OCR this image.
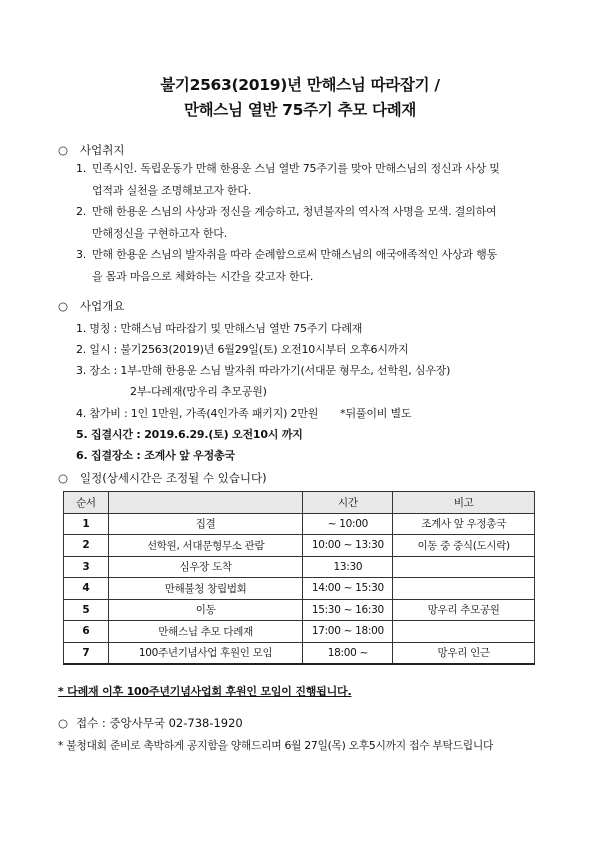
불기2563(2019)년 만해스님 따라잡기 /
만해스님 열반 75주기 추모 다례재
○ 사업취지
1. 민족시인. 독립운동가 만해 한용운 스님 열반 75주기를 맞아 만해스님의 정신과 사상 및
업적과 실천을 조명해보고자 한다.
2. 만해 한용운 스님의 사상과 정신을 계승하고, 청년불자의 역사적 사명을 모색. 결의하여
만해정신을 구현하고자 한다.
3. 만해 한용운 스님의 발자취을 따라 순례함으로써 만해스님의 애국애족적인 사상과 행동
을 몸과 마음으로 체화하는 시간을 갖고자 한다.
○ 사업개요
1. 명칭 : 만해스님 따라잡기 및 만해스님 열반 75주기 다례재
2. 일시 : 불기2563(2019)년 6월29일(토) 오전10시부터 오후6시까지
3. 장소 : 1부-만해 한용운 스님 발자취 따라가기(서대문 형무소, 선학원, 심우장)
2부-다례재(망우리 추모공원)
4. 참가비 : 1인 1만원, 가족(4인가족 패키지) 2만원 *뒤풀이비 별도
5. 집결시간 : 2019.6.29.(토) 오전10시 까지
6. 집결장소 : 조계사 앞 우정총국
○ 일정(상세시간은 조정될 수 있습니다)
순서		시간	비고
1	집결	~ 10:00	조계사 앞 우정총국
2	선학원, 서대문형무소 관람	10:00 ~ 13:30	이동 중 중식(도시락)
3	심우장 도착	13:30	
4	만해불청 창립법회	14:00 ~ 15:30	
5	이동	15:30 ~ 16:30	망우리 추모공원
6	만해스님 추모 다례재	17:00 ~ 18:00	
7	100주년기념사업 후원인 모임	18:00 ~	망우리 인근
* 다례재 이후 100주년기념사업회 후원인 모임이 진행됩니다.
○ 접수 : 중앙사무국 02-738-1920
* 불청대회 준비로 촉박하게 공지함을 양해드리며 6월 27일(목) 오후5시까지 접수 부탁드립니다
